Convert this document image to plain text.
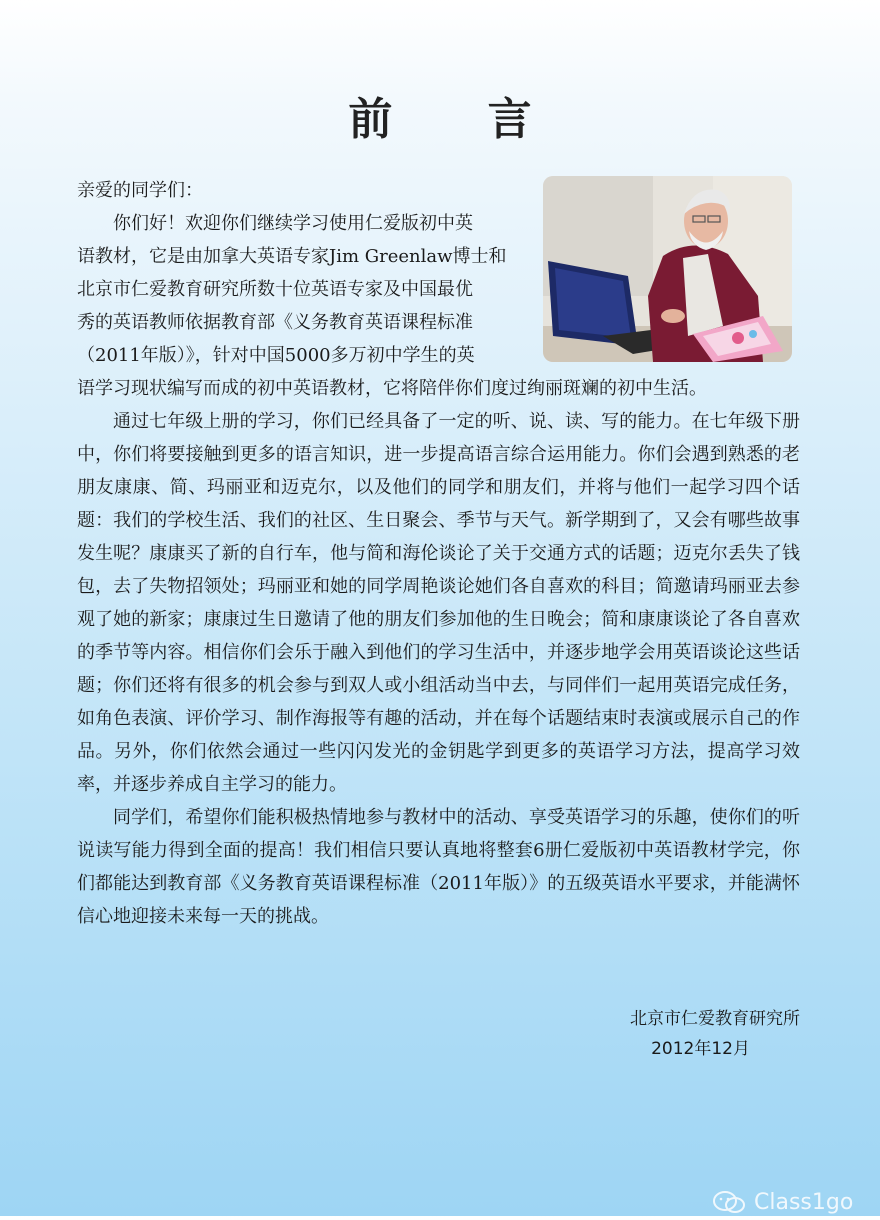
前 言

亲爱的同学们：

你们好！欢迎你们继续学习使用仁爱版初中英
语教材，它是由加拿大英语专家Jim Greenlaw博士和
北京市仁爱教育研究所数十位英语专家及中国最优
秀的英语教师依据教育部《义务教育英语课程标准
（2011年版）》，针对中国5000多万初中学生的英
语学习现状编写而成的初中英语教材，它将陪伴你们度过绚丽斑斓的初中生活。

通过七年级上册的学习，你们已经具备了一定的听、说、读、写的能力。在七年级下册中，你们将要接触到更多的语言知识，进一步提高语言综合运用能力。你们会遇到熟悉的老朋友康康、简、玛丽亚和迈克尔，以及他们的同学和朋友们，并将与他们一起学习四个话题：我们的学校生活、我们的社区、生日聚会、季节与天气。新学期到了，又会有哪些故事发生呢？康康买了新的自行车，他与简和海伦谈论了关于交通方式的话题；迈克尔丢失了钱包，去了失物招领处；玛丽亚和她的同学周艳谈论她们各自喜欢的科目；简邀请玛丽亚去参观了她的新家；康康过生日邀请了他的朋友们参加他的生日晚会；简和康康谈论了各自喜欢的季节等内容。相信你们会乐于融入到他们的学习生活中，并逐步地学会用英语谈论这些话题；你们还将有很多的机会参与到双人或小组活动当中去，与同伴们一起用英语完成任务，如角色表演、评价学习、制作海报等有趣的活动，并在每个话题结束时表演或展示自己的作品。另外，你们依然会通过一些闪闪发光的金钥匙学到更多的英语学习方法，提高学习效率，并逐步养成自主学习的能力。

同学们，希望你们能积极热情地参与教材中的活动、享受英语学习的乐趣，使你们的听说读写能力得到全面的提高！我们相信只要认真地将整套6册仁爱版初中英语教材学完，你们都能达到教育部《义务教育英语课程标准（2011年版）》的五级英语水平要求，并能满怀信心地迎接未来每一天的挑战。

北京市仁爱教育研究所
2012年12月
Class1go
